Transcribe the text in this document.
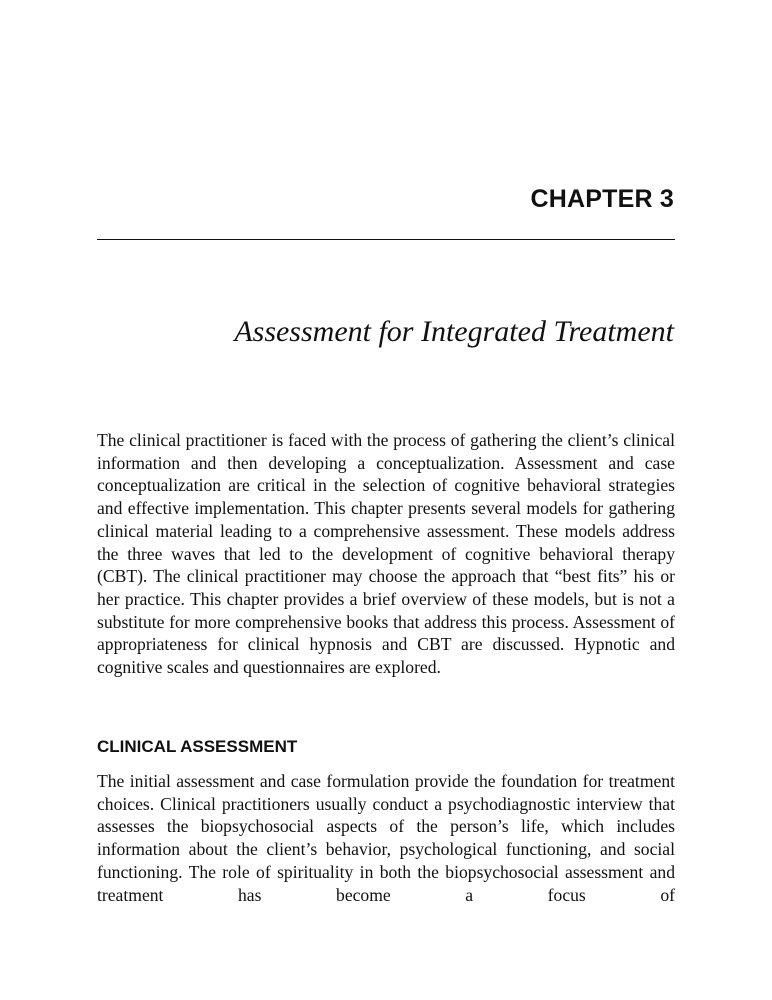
CHAPTER 3
Assessment for Integrated Treatment

The clinical practitioner is faced with the process of gathering the client’s clinical information and then developing a conceptualization. Assessment and case conceptualization are critical in the selection of cognitive behavioral strategies and effective implementation. This chapter presents several models for gathering clinical material leading to a comprehensive assessment. These models address the three waves that led to the development of cognitive behavioral therapy (CBT). The clinical practitioner may choose the approach that “best fits” his or her practice. This chapter provides a brief overview of these models, but is not a substitute for more comprehensive books that address this process. Assessment of appropriateness for clinical hypnosis and CBT are discussed. Hypnotic and cognitive scales and questionnaires are explored.

CLINICAL ASSESSMENT

The initial assessment and case formulation provide the foundation for treatment choices. Clinical practitioners usually conduct a psychodiagnostic interview that assesses the biopsychosocial aspects of the person’s life, which includes information about the client’s behavior, psychological functioning, and social functioning. The role of spirituality in both the biopsychosocial assessment and treatment has become a focus of
